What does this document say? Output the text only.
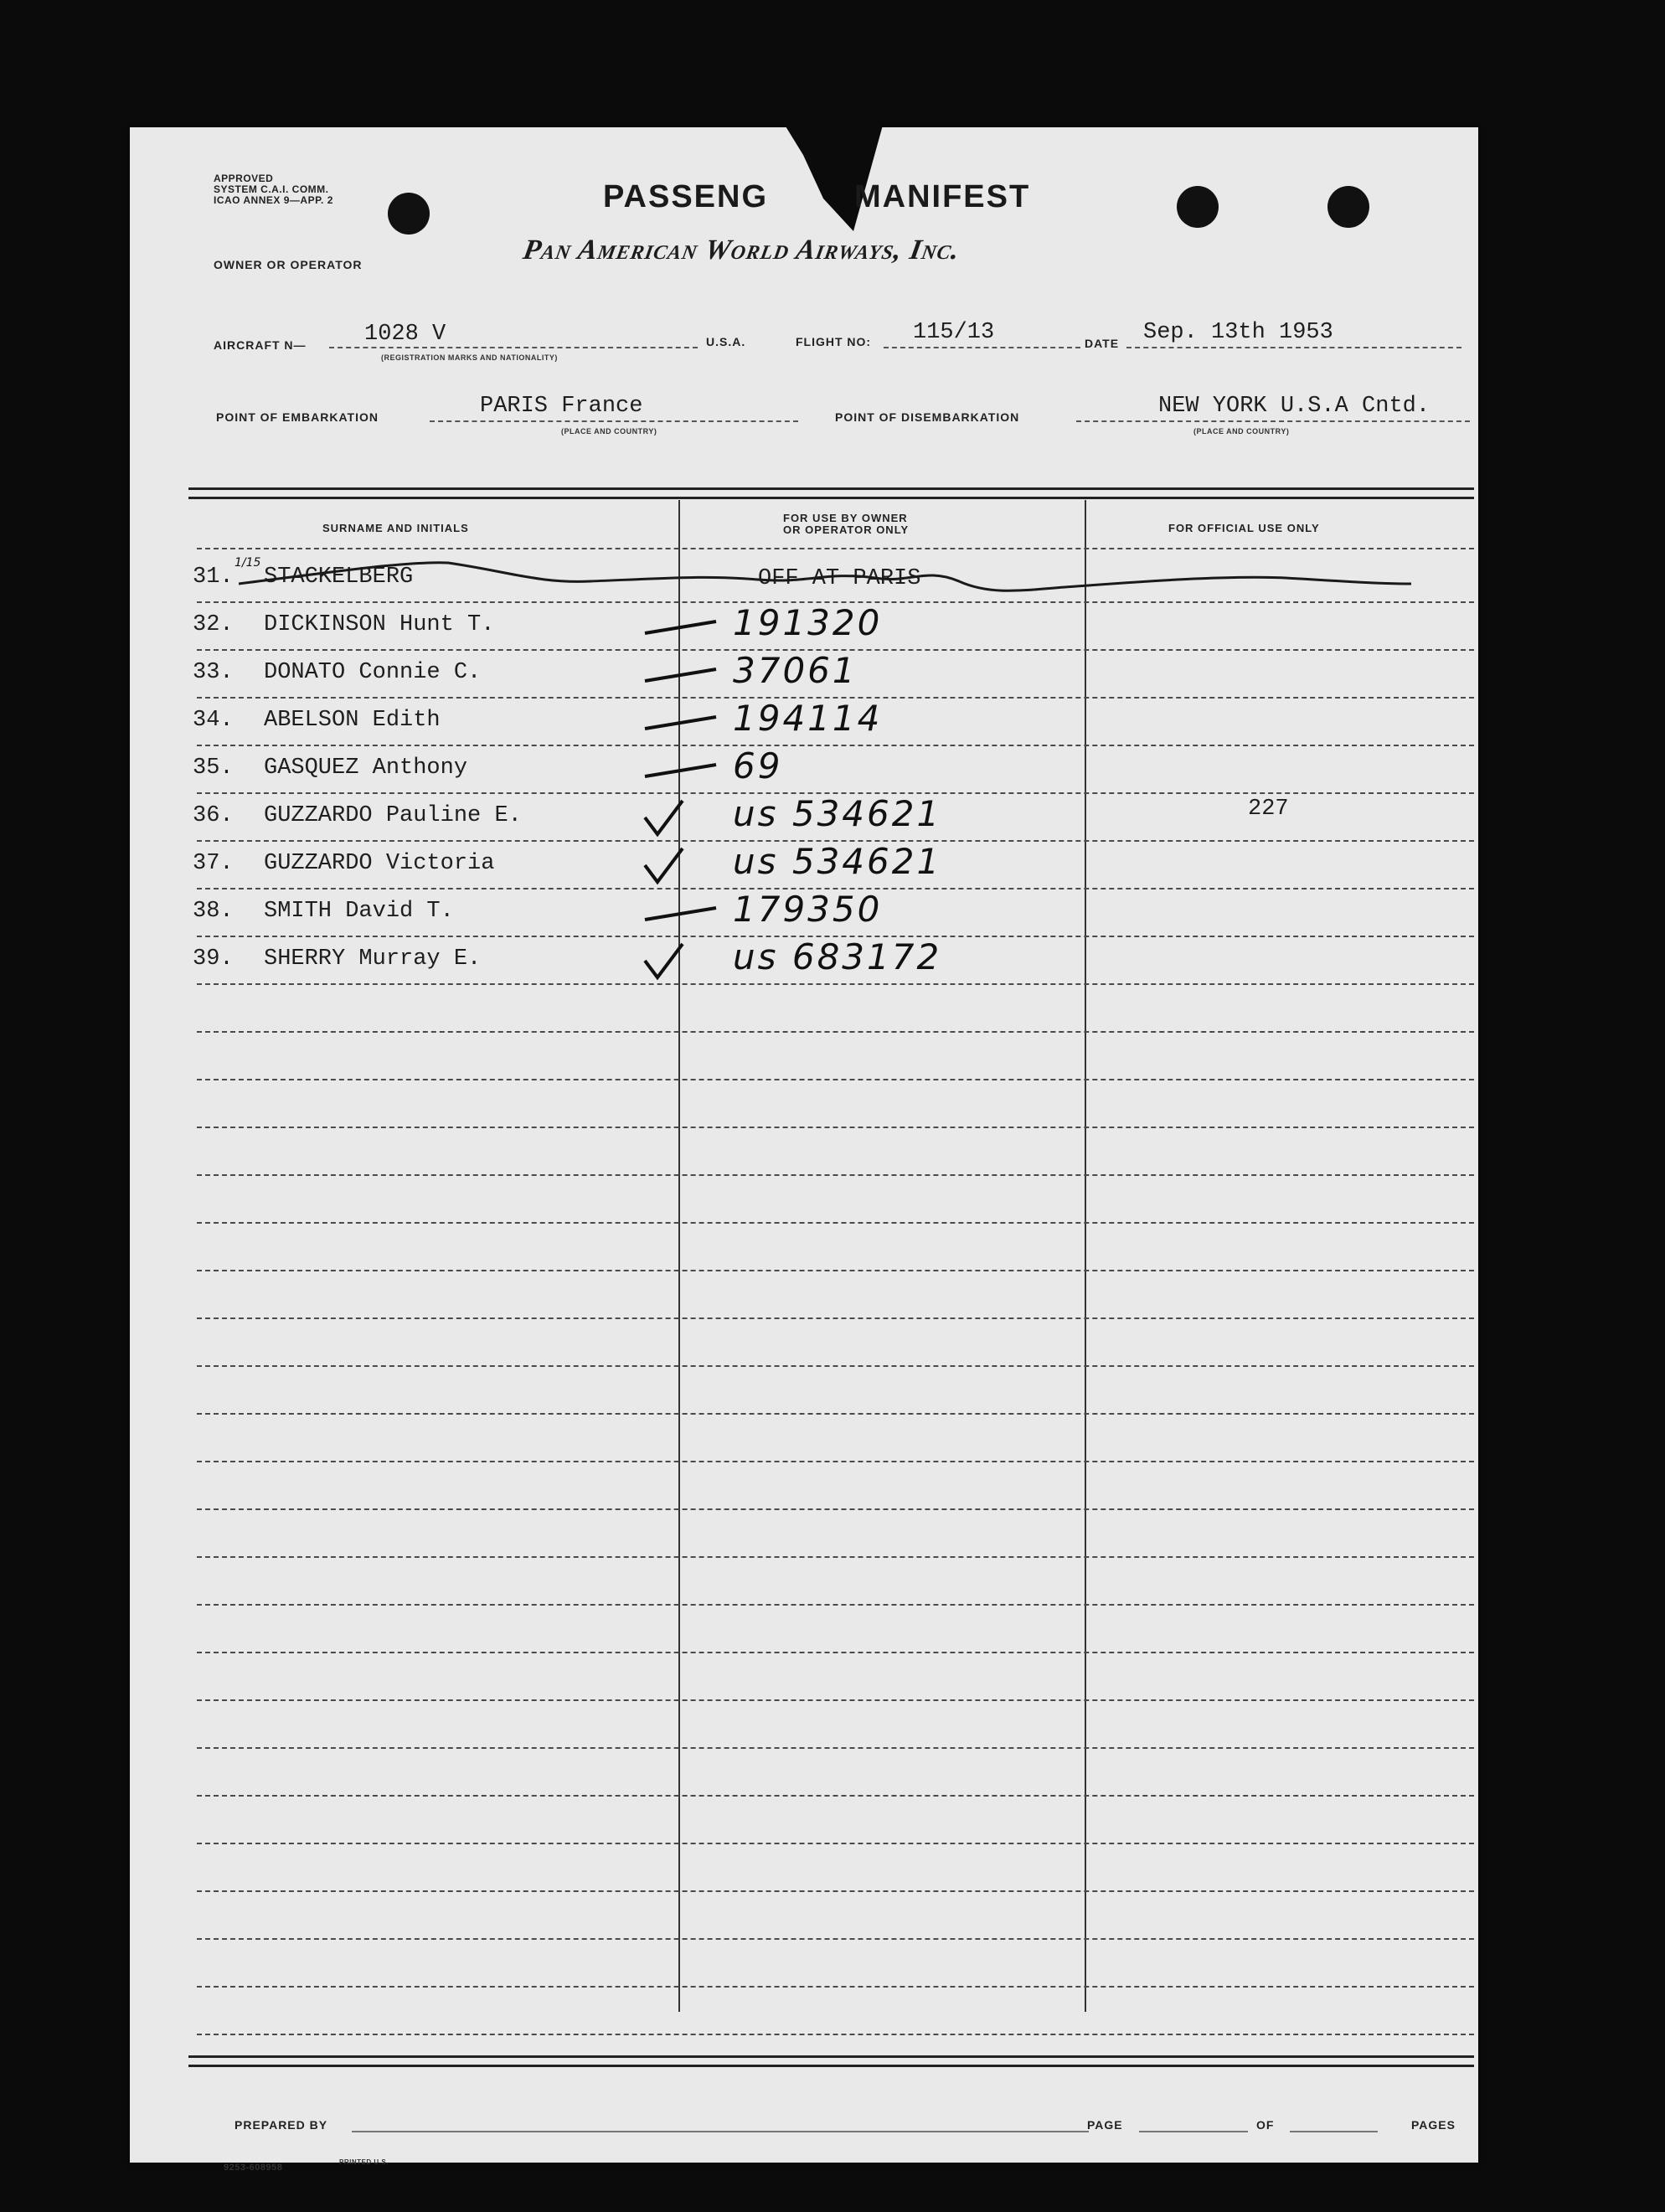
APPROVED
SYSTEM C.A.I. COMM.
ICAO ANNEX 9—APP. 2	PASSENG	MANIFEST
OWNER OR OPERATOR	Pan American World Airways, Inc.
AIRCRAFT N—	1028 V
(REGISTRATION MARKS AND NATIONALITY)
U.S.A.	FLIGHT NO: 115/13	DATE Sep. 13th 1953
POINT OF EMBARKATION	PARIS France
(PLACE AND COUNTRY)
POINT OF DISEMBARKATION	NEW YORK U.S.A Cntd.
(PLACE AND COUNTRY)
SURNAME AND INITIALS
FOR USE BY OWNER
OR OPERATOR ONLY	FOR OFFICIAL USE ONLY
31. STACKELBERG	OFF AT PARIS
1/15
32. DICKINSON Hunt T.	191320
33. DONATO Connie C.	37061
34. ABELSON Edith	194114
35. GASQUEZ Anthony	69
36. GUZZARDO Pauline E.	us 534621	227
37. GUZZARDO Victoria	us 534621
38. SMITH David T.	179350
39. SHERRY Murray E.	us 683172
PREPARED BY	PAGE	OF	PAGES
9253-608958
PRINTED U.S.
